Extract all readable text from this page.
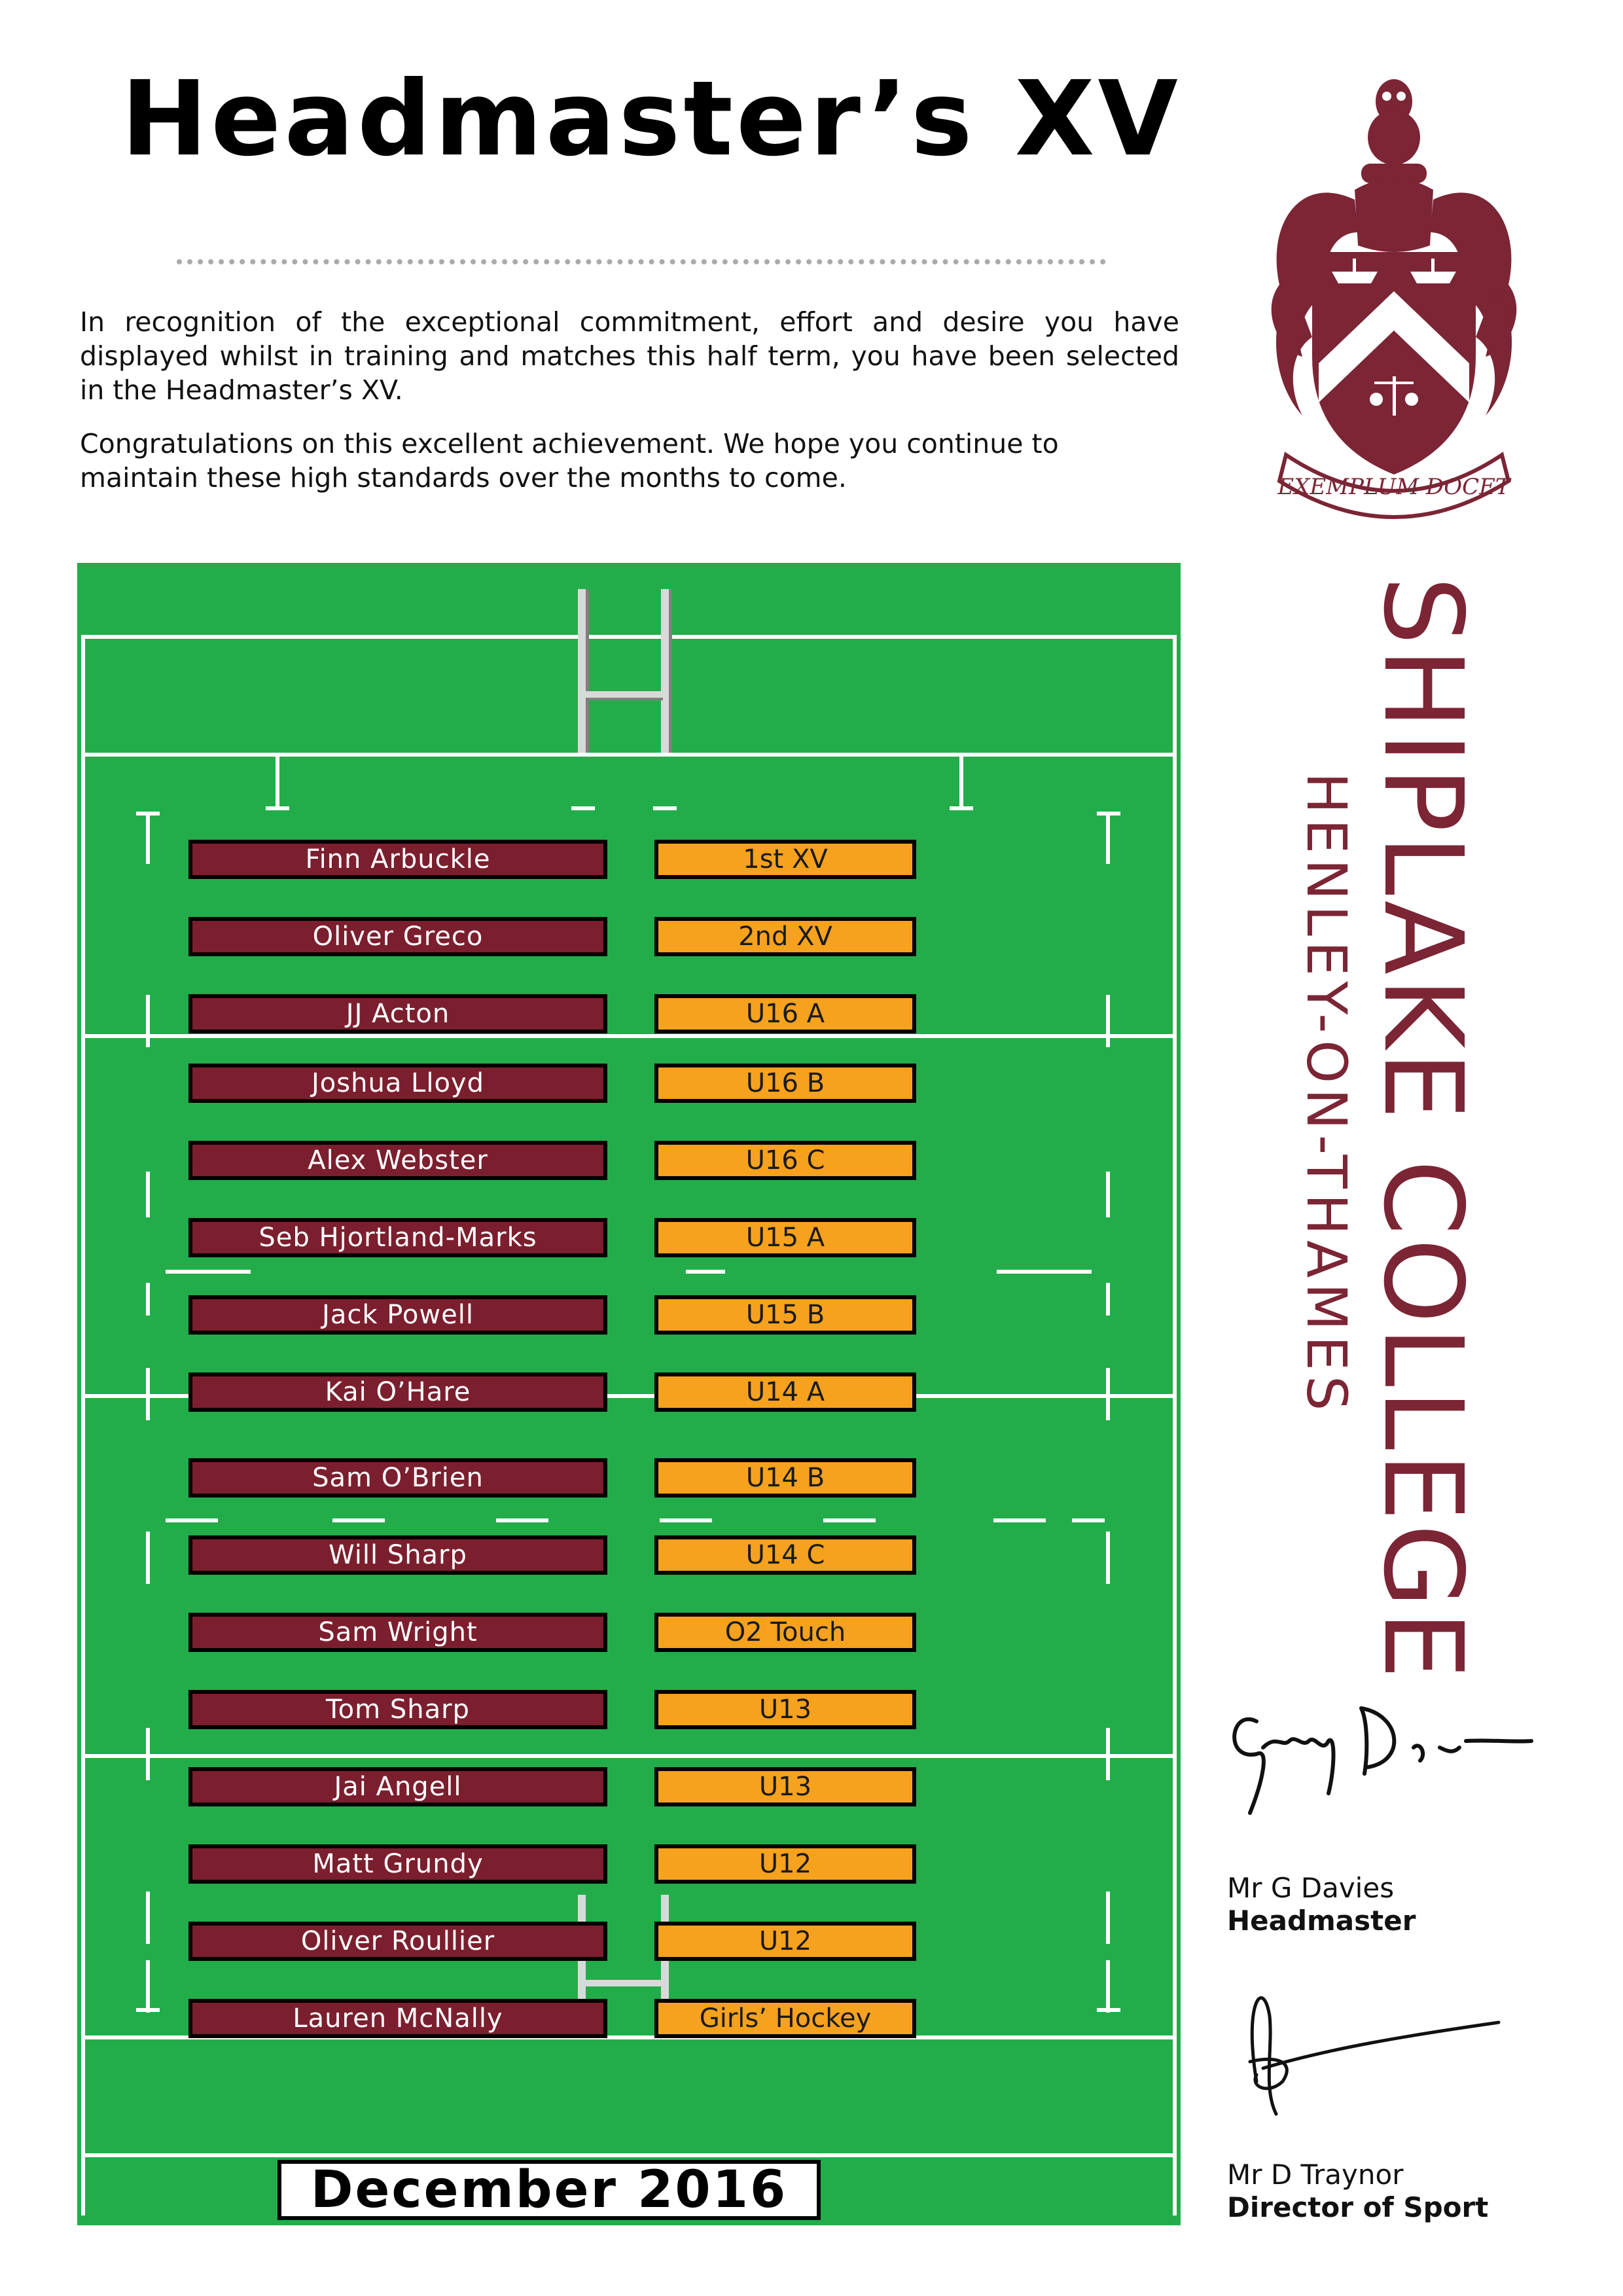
Headmaster’s XV

In recognition of the exceptional commitment, effort and desire you have displayed whilst in training and matches this half term, you have been selected in the Headmaster’s XV.

Congratulations on this excellent achievement. We hope you continue to maintain these high standards over the months to come.

Finn Arbuckle	1st XV
Oliver Greco	2nd XV
JJ Acton	U16 A
Joshua Lloyd	U16 B
Alex Webster	U16 C
Seb Hjortland-Marks	U15 A
Jack Powell	U15 B
Kai O’Hare	U14 A
Sam O’Brien	U14 B
Will Sharp	U14 C
Sam Wright	O2 Touch
Tom Sharp	U13
Jai Angell	U13
Matt Grundy	U12
Oliver Roullier	U12
Lauren McNally	Girls’ Hockey
December 2016
EXEMPLUM DOCET
SHIPLAKE COLLEGE
HENLEY-ON-THAMES
Mr G Davies
Headmaster
Mr D Traynor
Director of Sport
